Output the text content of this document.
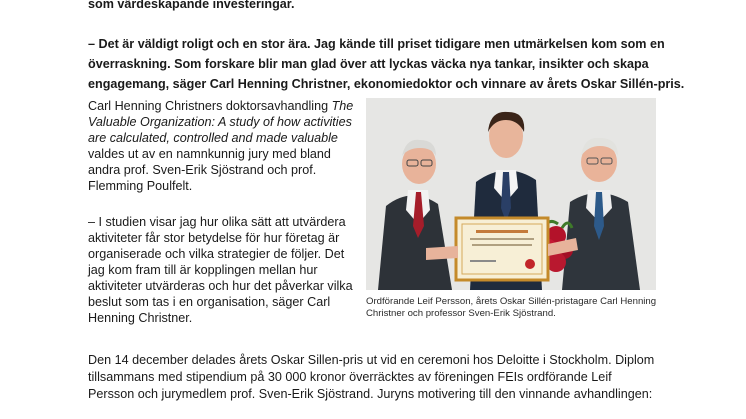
som värdeskapande investeringar.
– Det är väldigt roligt och en stor ära. Jag kände till priset tidigare men utmärkelsen kom som en
överraskning. Som forskare blir man glad över att lyckas väcka nya tankar, insikter och skapa
engagemang, säger Carl Henning Christner, ekonomiedoktor och vinnare av årets Oskar Sillén-pris.

Carl Henning Christners doktorsavhandling The Valuable Organization: A study of how activities are calculated, controlled and made valuable valdes ut av en namnkunnig jury med bland andra prof. Sven-Erik Sjöstrand och prof. Flemming Poulfelt.

– I studien visar jag hur olika sätt att utvärdera aktiviteter får stor betydelse för hur företag är organiserade och vilka strategier de följer. Det jag kom fram till är kopplingen mellan hur aktiviteter utvärderas och hur det påverkar vilka beslut som tas i en organisation, säger Carl Henning Christner.

Ordförande Leif Persson, årets Oskar Sillén-pristagare Carl Henning Christner och professor Sven-Erik Sjöstrand.
Den 14 december delades årets Oskar Sillen-pris ut vid en ceremoni hos Deloitte i Stockholm. Diplom
tillsammans med stipendium på 30 000 kronor överräcktes av föreningen FEIs ordförande Leif
Persson och jurymedlem prof. Sven-Erik Sjöstrand. Juryns motivering till den vinnande avhandlingen:
